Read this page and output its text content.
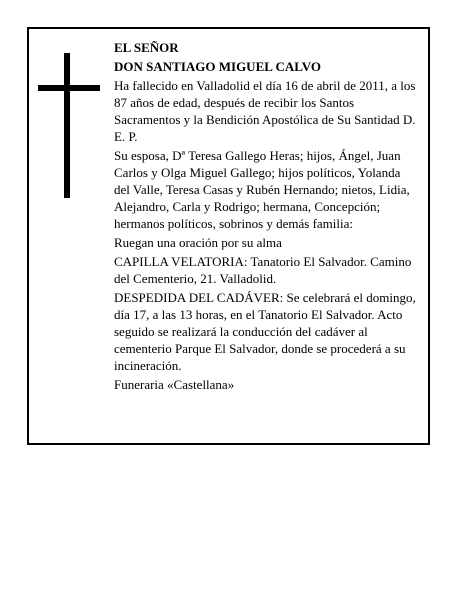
EL SEÑOR

DON SANTIAGO MIGUEL CALVO

Ha fallecido en Valladolid el día 16 de abril de 2011, a los 87 años de edad, después de recibir los Santos Sacramentos y la Bendición Apostólica de Su Santidad D. E. P.

Su esposa, Dª Teresa Gallego Heras; hijos, Ángel, Juan Carlos y Olga Miguel Gallego; hijos políticos, Yolanda del Valle, Teresa Casas y Rubén Hernando; nietos, Lidia, Alejandro, Carla y Rodrigo; hermana, Concepción; hermanos políticos, sobrinos y demás familia:

Ruegan una oración por su alma

CAPILLA VELATORIA: Tanatorio El Salvador. Camino del Cementerio, 21. Valladolid.

DESPEDIDA DEL CADÁVER: Se celebrará el domingo, día 17, a las 13 horas, en el Tanatorio El Salvador. Acto seguido se realizará la conducción del cadáver al cementerio Parque El Salvador, donde se procederá a su incineración.

Funeraria «Castellana»
